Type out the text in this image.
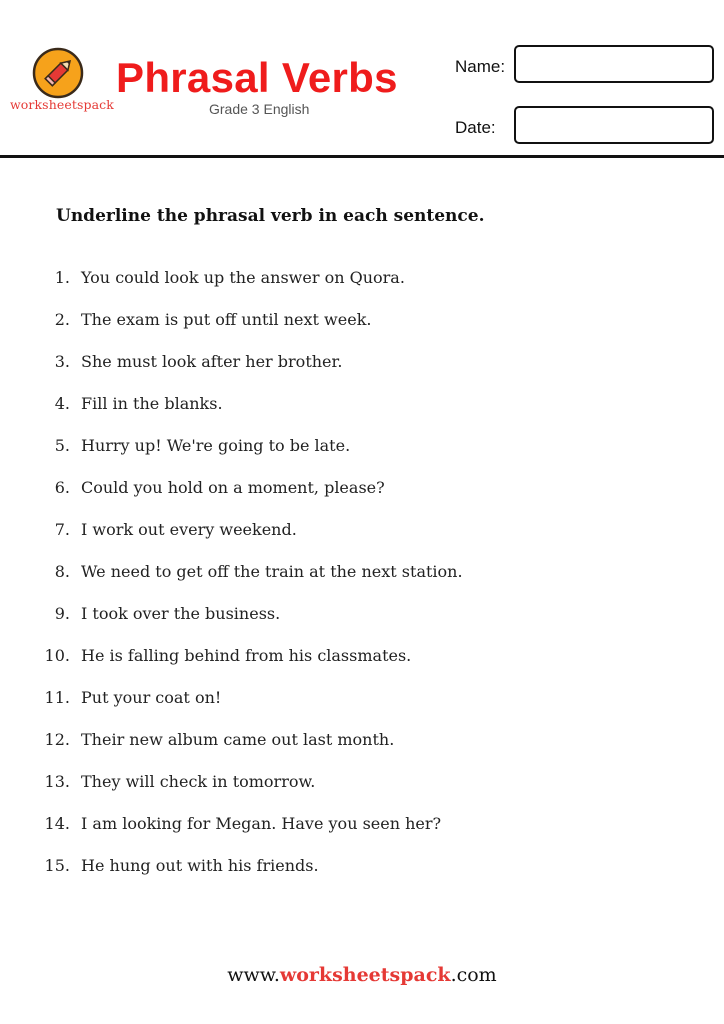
worksheetspack
Phrasal Verbs
Grade 3 English
Name:
Date:
Underline the phrasal verb in each sentence.
1. You could look up the answer on Quora.
2. The exam is put off until next week.
3. She must look after her brother.
4. Fill in the blanks.
5. Hurry up! We're going to be late.
6. Could you hold on a moment, please?
7. I work out every weekend.
8. We need to get off the train at the next station.
9. I took over the business.
10. He is falling behind from his classmates.
11. Put your coat on!
12. Their new album came out last month.
13. They will check in tomorrow.
14. I am looking for Megan. Have you seen her?
15. He hung out with his friends.
www.worksheetspack.com
